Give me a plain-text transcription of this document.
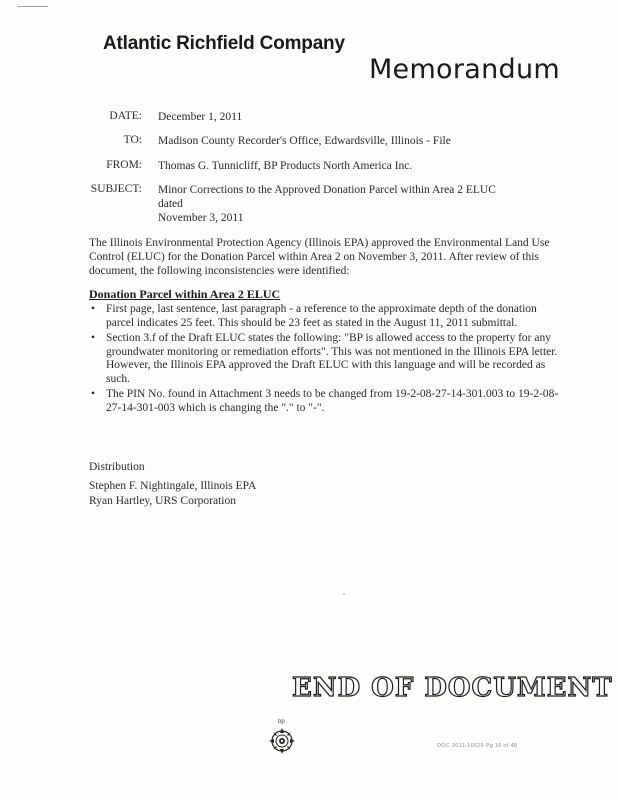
Atlantic Richfield Company
Memorandum
DATE: December 1, 2011
TO: Madison County Recorder's Office, Edwardsville, Illinois - File
FROM: Thomas G. Tunnicliff, BP Products North America Inc.
SUBJECT: Minor Corrections to the Approved Donation Parcel within Area 2 ELUC dated
November 3, 2011
The Illinois Environmental Protection Agency (Illinois EPA) approved the Environmental Land Use Control (ELUC) for the Donation Parcel within Area 2 on November 3, 2011. After review of this document, the following inconsistencies were identified:
Donation Parcel within Area 2 ELUC
• First page, last sentence, last paragraph - a reference to the approximate depth of the donation parcel indicates 25 feet. This should be 23 feet as stated in the August 11, 2011 submittal.
• Section 3.f of the Draft ELUC states the following: "BP is allowed access to the property for any groundwater monitoring or remediation efforts". This was not mentioned in the Illinois EPA letter. However, the Illinois EPA approved the Draft ELUC with this language and will be recorded as such.
• The PIN No. found in Attachment 3 needs to be changed from 19-2-08-27-14-301.003 to 19-2-08-27-14-301-003 which is changing the "." to "-".
Distribution
Stephen F. Nightingale, Illinois EPA
Ryan Hartley, URS Corporation
END OF DOCUMENT
bp
DOC 2011-16629 Pg 16 of 48
